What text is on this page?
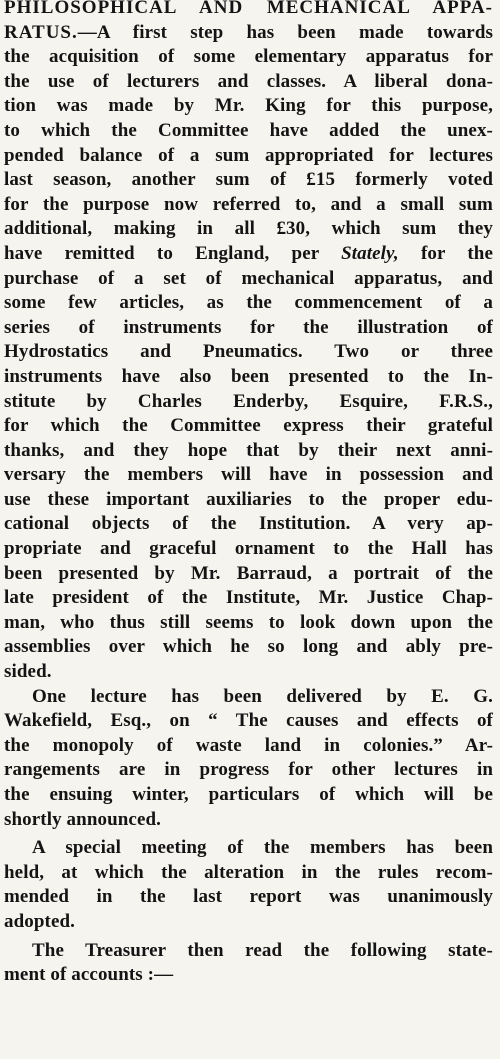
PHILOSOPHICAL AND MECHANICAL APPA-
RATUS.—A first step has been made towards
the acquisition of some elementary apparatus for
the use of lecturers and classes. A liberal dona-
tion was made by Mr. King for this purpose,
to which the Committee have added the unex-
pended balance of a sum appropriated for lectures
last season, another sum of £15 formerly voted
for the purpose now referred to, and a small sum
additional, making in all £30, which sum they
have remitted to England, per Stately, for the
purchase of a set of mechanical apparatus, and
some few articles, as the commencement of a
series of instruments for the illustration of
Hydrostatics and Pneumatics. Two or three
instruments have also been presented to the In-
stitute by Charles Enderby, Esquire, F.R.S.,
for which the Committee express their grateful
thanks, and they hope that by their next anni-
versary the members will have in possession and
use these important auxiliaries to the proper edu-
cational objects of the Institution. A very ap-
propriate and graceful ornament to the Hall has
been presented by Mr. Barraud, a portrait of the
late president of the Institute, Mr. Justice Chap-
man, who thus still seems to look down upon the
assemblies over which he so long and ably pre-
sided.
One lecture has been delivered by E. G.
Wakefield, Esq., on “ The causes and effects of
the monopoly of waste land in colonies.” Ar-
rangements are in progress for other lectures in
the ensuing winter, particulars of which will be
shortly announced.
A special meeting of the members has been
held, at which the alteration in the rules recom-
mended in the last report was unanimously
adopted.
The Treasurer then read the following state-
ment of accounts :—
